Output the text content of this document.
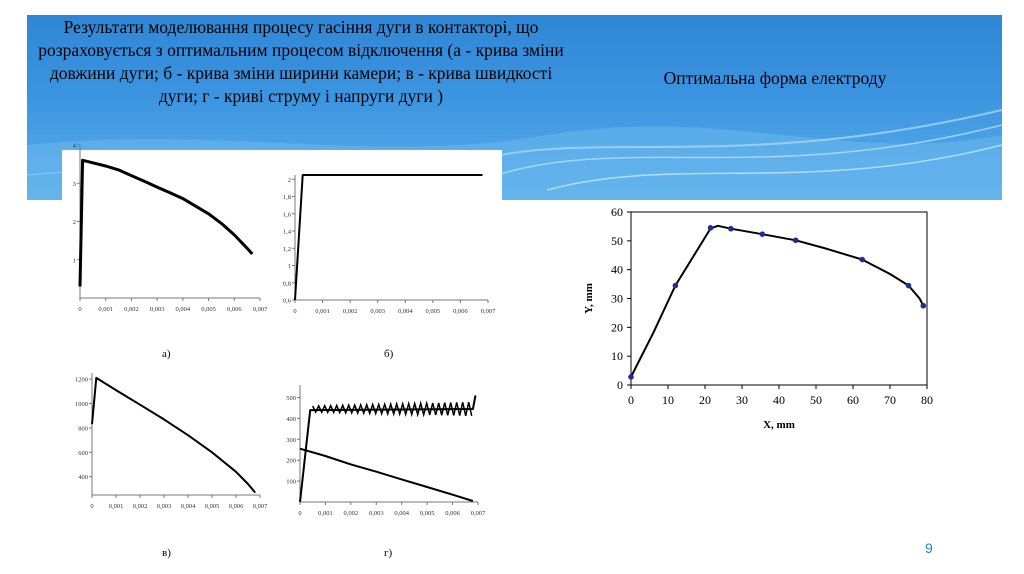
Результати моделювання процесу гасіння дуги в контакторі, що розраховується з оптимальним процесом відключення (а - крива зміни довжини дуги; б - крива зміни ширини камери; в - крива швидкості дуги; г - криві струму і напруги дуги )
Оптимальна форма електроду
0	0,001 0,002 0,003 0,004 0,005 0,006 0,007
1
2
3
4
0	0,001 0,002 0,003 0,004 0,005 0,006 0,007
0,6
0,8
1
1,2
1,4
1,6
1,8
2
0 0,001 0,002 0,003 0,004 0,005 0,006 0,007
400
600
800
1000
1200
0	0,001 0,002 0,003 0,004 0,005 0,006 0,007
100
200
300
400
500	0 10 20 30 40 50 60 70 80
0
10
20
30
40
50
60
X, mm
Y, mm
а)	б)
в)	г)	9
